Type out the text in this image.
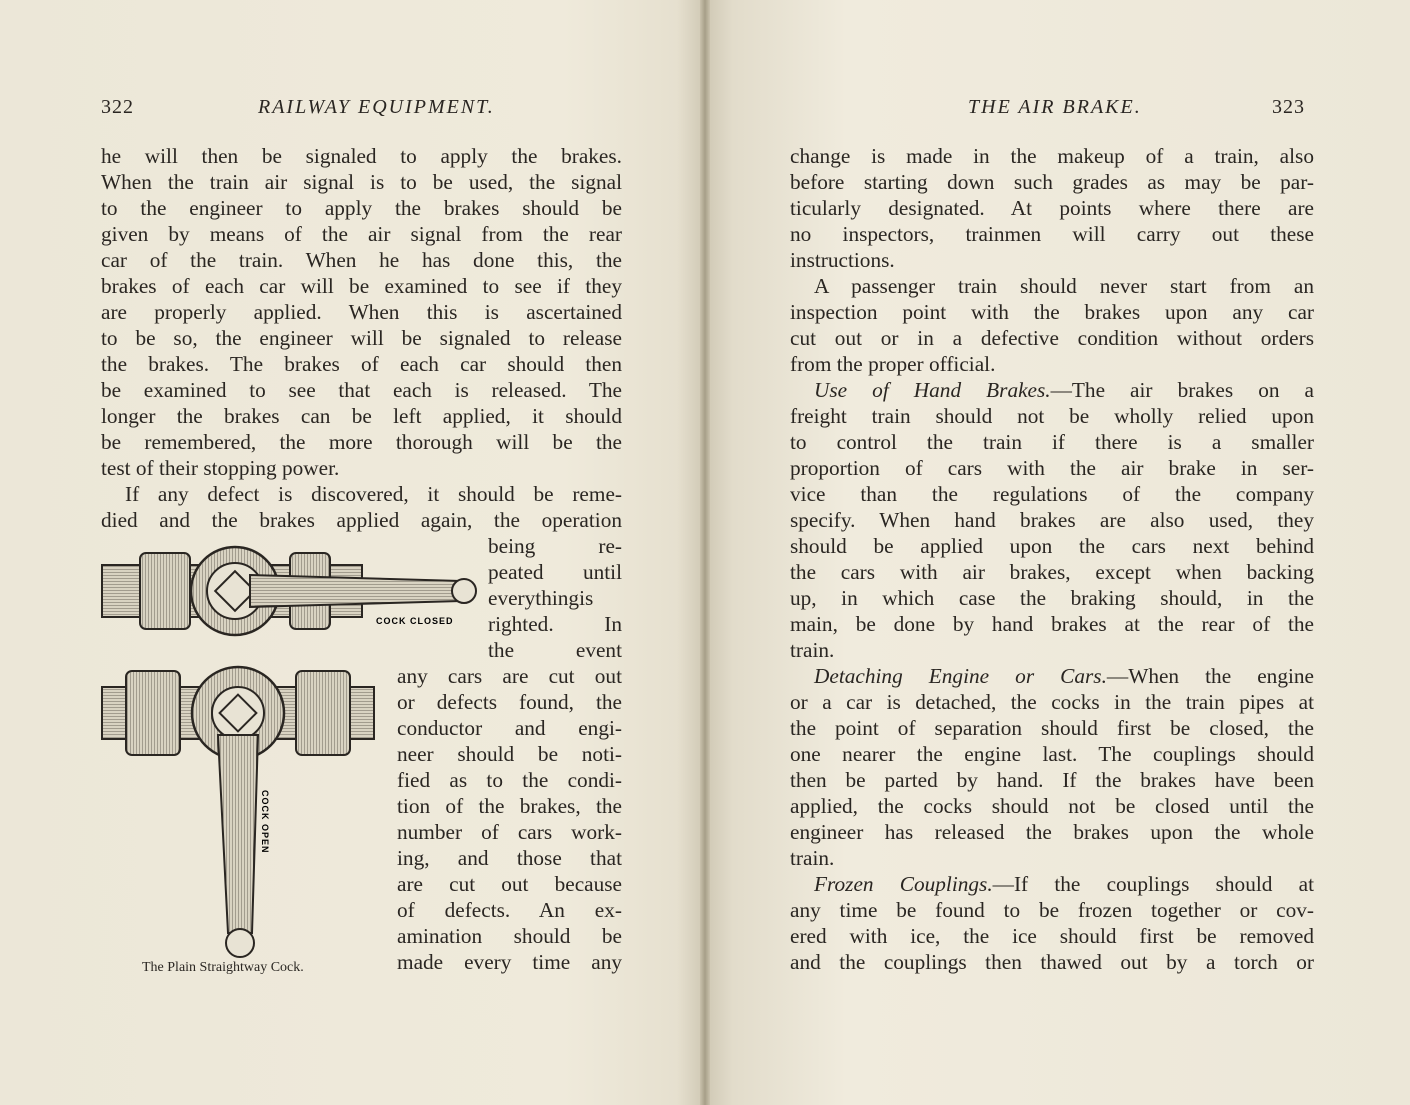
322	RAILWAY EQUIPMENT.
he will then be signaled to apply the brakes.
When the train air signal is to be used, the signal
to the engineer to apply the brakes should be
given by means of the air signal from the rear
car of the train. When he has done this, the
brakes of each car will be examined to see if they
are properly applied. When this is ascertained
to be so, the engineer will be signaled to release
the brakes. The brakes of each car should then
be examined to see that each is released. The
longer the brakes can be left applied, it should
be remembered, the more thorough will be the
test of their stopping power.
If any defect is discovered, it should be reme-
died and the brakes applied again, the operation
being re-
peated until
everythingis
righted. In
the event
any cars are cut out
or defects found, the
conductor and engi-
neer should be noti-
fied as to the condi-
tion of the brakes, the
number of cars work-
ing, and those that
are cut out because
of defects. An ex-
amination should be
made every time any
COCK CLOSED
COCK OPEN
The Plain Straightway Cock.
THE AIR BRAKE.	323
change is made in the makeup of a train, also
before starting down such grades as may be par-
ticularly designated. At points where there are
no inspectors, trainmen will carry out these
instructions.
A passenger train should never start from an
inspection point with the brakes upon any car
cut out or in a defective condition without orders
from the proper official.
Use of Hand Brakes.—The air brakes on a
freight train should not be wholly relied upon
to control the train if there is a smaller
proportion of cars with the air brake in ser-
vice than the regulations of the company
specify. When hand brakes are also used, they
should be applied upon the cars next behind
the cars with air brakes, except when backing
up, in which case the braking should, in the
main, be done by hand brakes at the rear of the
train.
Detaching Engine or Cars.—When the engine
or a car is detached, the cocks in the train pipes at
the point of separation should first be closed, the
one nearer the engine last. The couplings should
then be parted by hand. If the brakes have been
applied, the cocks should not be closed until the
engineer has released the brakes upon the whole
train.
Frozen Couplings.—If the couplings should at
any time be found to be frozen together or cov-
ered with ice, the ice should first be removed
and the couplings then thawed out by a torch or
